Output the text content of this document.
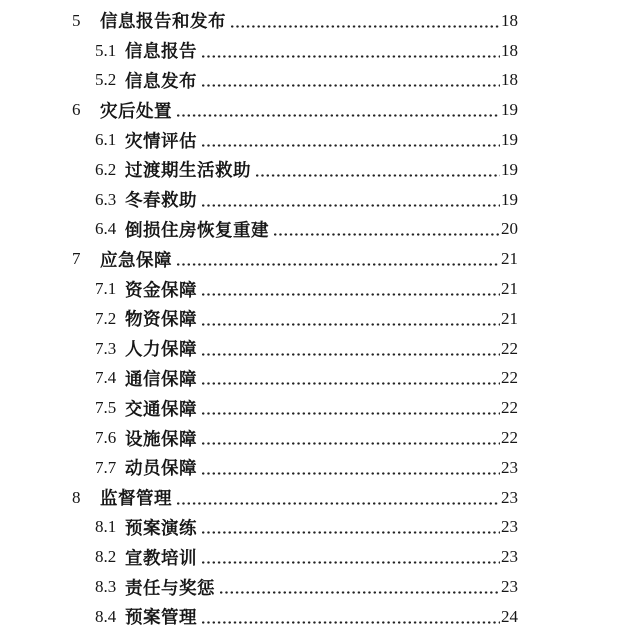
5	信息报告和发布	18
5.1 信息报告	18
5.2 信息发布	18
6	灾后处置	19
6.1 灾情评估	19
6.2 过渡期生活救助	19
6.3 冬春救助	19
6.4 倒损住房恢复重建	20
7	应急保障	21
7.1 资金保障	21
7.2 物资保障	21
7.3 人力保障	22
7.4 通信保障	22
7.5 交通保障	22
7.6 设施保障	22
7.7 动员保障	23
8	监督管理	23
8.1 预案演练	23
8.2 宣教培训	23
8.3 责任与奖惩	23
8.4 预案管理	24
